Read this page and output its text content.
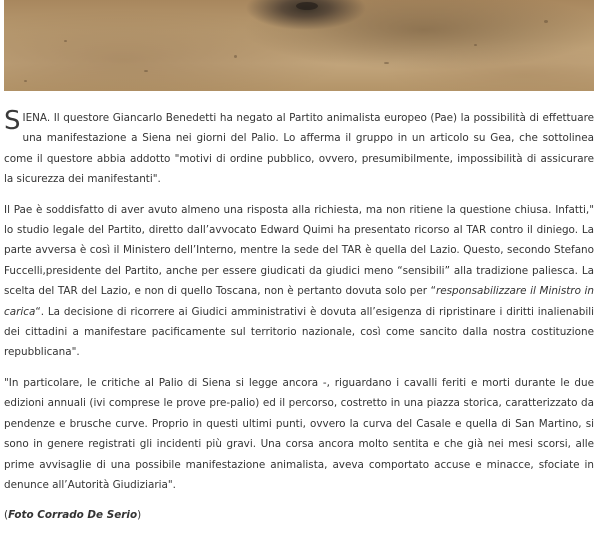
SIENA. Il questore Giancarlo Benedetti ha negato al Partito animalista europeo (Pae) la possibilità di effettuare una manifestazione a Siena nei giorni del Palio. Lo afferma il gruppo in un articolo su Gea, che sottolinea come il questore abbia addotto "motivi di ordine pubblico, ovvero, presumibilmente, impossibilità di assicurare la sicurezza dei manifestanti".

Il Pae è soddisfatto di aver avuto almeno una risposta alla richiesta, ma non ritiene la questione chiusa. Infatti," lo studio legale del Partito, diretto dall’avvocato Edward Quimi ha presentato ricorso al TAR contro il diniego. La parte avversa è così il Ministero dell’Interno, mentre la sede del TAR è quella del Lazio. Questo, secondo Stefano Fuccelli,presidente del Partito, anche per essere giudicati da giudici meno “sensibili” alla tradizione paliesca. La scelta del TAR del Lazio, e non di quello Toscana, non è pertanto dovuta solo per “responsabilizzare il Ministro in carica“. La decisione di ricorrere ai Giudici amministrativi è dovuta all’esigenza di ripristinare i diritti inalienabili dei cittadini a manifestare pacificamente sul territorio nazionale, così come sancito dalla nostra costituzione repubblicana".

"In particolare, le critiche al Palio di Siena si legge ancora -, riguardano i cavalli feriti e morti durante le due edizioni annuali (ivi comprese le prove pre-palio) ed il percorso, costretto in una piazza storica, caratterizzato da pendenze e brusche curve. Proprio in questi ultimi punti, ovvero la curva del Casale e quella di San Martino, si sono in genere registrati gli incidenti più gravi. Una corsa ancora molto sentita e che già nei mesi scorsi, alle prime avvisaglie di una possibile manifestazione animalista, aveva comportato accuse e minacce, sfociate in denunce all’Autorità Giudiziaria".

(Foto Corrado De Serio)
